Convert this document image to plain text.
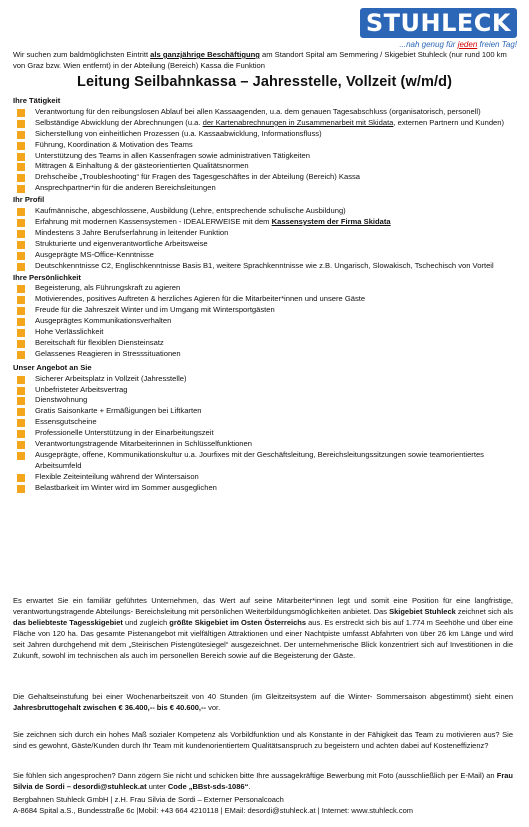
STUHLECK
...nah genug für jeden freien Tag!
Wir suchen zum baldmöglichsten Eintritt als ganzjährige Beschäftigung am Standort Spital am Semmering / Skigebiet Stuhleck (nur rund 100 km von Graz bzw. Wien entfernt) in der Abteilung (Bereich) Kassa die Funktion
Leitung Seilbahnkassa – Jahresstelle, Vollzeit (w/m/d)

Ihre Tätigkeit

Verantwortung für den reibungslosen Ablauf bei allen Kassaagenden, u.a. dem genauen Tagesabschluss (organisatorisch, personell)
Selbständige Abwicklung der Abrechnungen (u.a. der Kartenabrechnungen in Zusammenarbeit mit Skidata, externen Partnern und Kunden)
Sicherstellung von einheitlichen Prozessen (u.a. Kassaabwicklung, Informationsfluss)
Führung, Koordination & Motivation des Teams
Unterstützung des Teams in allen Kassenfragen sowie administrativen Tätigkeiten
Mittragen & Einhaltung & der gästeorientierten Qualitätsnormen
Drehscheibe „Troubleshooting“ für Fragen des Tagesgeschäftes in der Abteilung (Bereich) Kassa
Ansprechpartner*in für die anderen Bereichsleitungen

Ihr Profil

Kaufmännische, abgeschlossene, Ausbildung (Lehre, entsprechende schulische Ausbildung)
Erfahrung mit modernen Kassensystemen - IDEALERWEISE mit dem Kassensystem der Firma Skidata
Mindestens 3 Jahre Berufserfahrung in leitender Funktion
Strukturierte und eigenverantwortliche Arbeitsweise
Ausgeprägte MS-Office-Kenntnisse
Deutschkenntnisse C2, Englischkenntnisse Basis B1, weitere Sprachkenntnisse wie z.B. Ungarisch, Slowakisch, Tschechisch von Vorteil

Ihre Persönlichkeit

Begeisterung, als Führungskraft zu agieren
Motivierendes, positives Auftreten & herzliches Agieren für die Mitarbeiter*innen und unsere Gäste
Freude für die Jahreszeit Winter und im Umgang mit Wintersportgästen
Ausgeprägtes Kommunikationsverhalten
Hohe Verlässlichkeit
Bereitschaft für flexiblen Diensteinsatz
Gelassenes Reagieren in Stresssituationen

Unser Angebot an Sie

Sicherer Arbeitsplatz in Vollzeit (Jahresstelle)
Unbefristeter Arbeitsvertrag
Dienstwohnung
Gratis Saisonkarte + Ermäßigungen bei Liftkarten
Essensgutscheine
Professionelle Unterstützung in der Einarbeitungszeit
Verantwortungstragende Mitarbeiterinnen in Schlüsselfunktionen
Ausgeprägte, offene, Kommunikationskultur u.a. Jourfixes mit der Geschäftsleitung, Bereichsleitungssitzungen sowie teamorientiertes Arbeitsumfeld
Flexible Zeiteinteilung während der Wintersaison
Belastbarkeit im Winter wird im Sommer ausgeglichen
Es erwartet Sie ein familiär geführtes Unternehmen, das Wert auf seine Mitarbeiter*innen legt und somit eine Position für eine langfristige, verantwortungstragende Abteilungs- Bereichsleitung mit persönlichen Weiterbildungsmöglichkeiten anbietet. Das Skigebiet Stuhleck zeichnet sich als das beliebteste Tagesskigebiet und zugleich größte Skigebiet im Osten Österreichs aus. Es erstreckt sich bis auf 1.774 m Seehöhe und über eine Fläche von 120 ha. Das gesamte Pistenangebot mit vielfältigen Attraktionen und einer Nachtpiste umfasst Abfahrten von über 26 km Länge und wird seit Jahren durchgehend mit dem „Steirischen Pistengütesiegel“ ausgezeichnet. Der unternehmerische Blick konzentriert sich auf Investitionen in die Zukunft, sowohl im technischen als auch im personellen Bereich sowie auf die Begeisterung der Gäste.
Die Gehaltseinstufung bei einer Wochenarbeitszeit von 40 Stunden (im Gleitzeitsystem auf die Winter- Sommersaison abgestimmt) sieht einen Jahresbruttogehalt zwischen € 36.400,-- bis € 40.600,-- vor.
Sie zeichnen sich durch ein hohes Maß sozialer Kompetenz als Vorbildfunktion und als Konstante in der Fähigkeit das Team zu motivieren aus? Sie sind es gewohnt, Gäste/Kunden durch Ihr Team mit kundenorientiertem Qualitätsanspruch zu begeistern und achten dabei auf Kosteneffizienz?
Sie fühlen sich angesprochen? Dann zögern Sie nicht und schicken bitte Ihre aussagekräftige Bewerbung mit Foto (ausschließlich per E-Mail) an Frau Silvia de Sordi – desordi@stuhleck.at unter Code „BBst-sds-1086“.
Bergbahnen Stuhleck GmbH | z.H. Frau Silvia de Sordi – Externer Personalcoach
A-8684 Spital a.S., Bundesstraße 6c |Mobil: +43 664 4210118 | EMail: desordi@stuhleck.at | Internet: www.stuhleck.com
